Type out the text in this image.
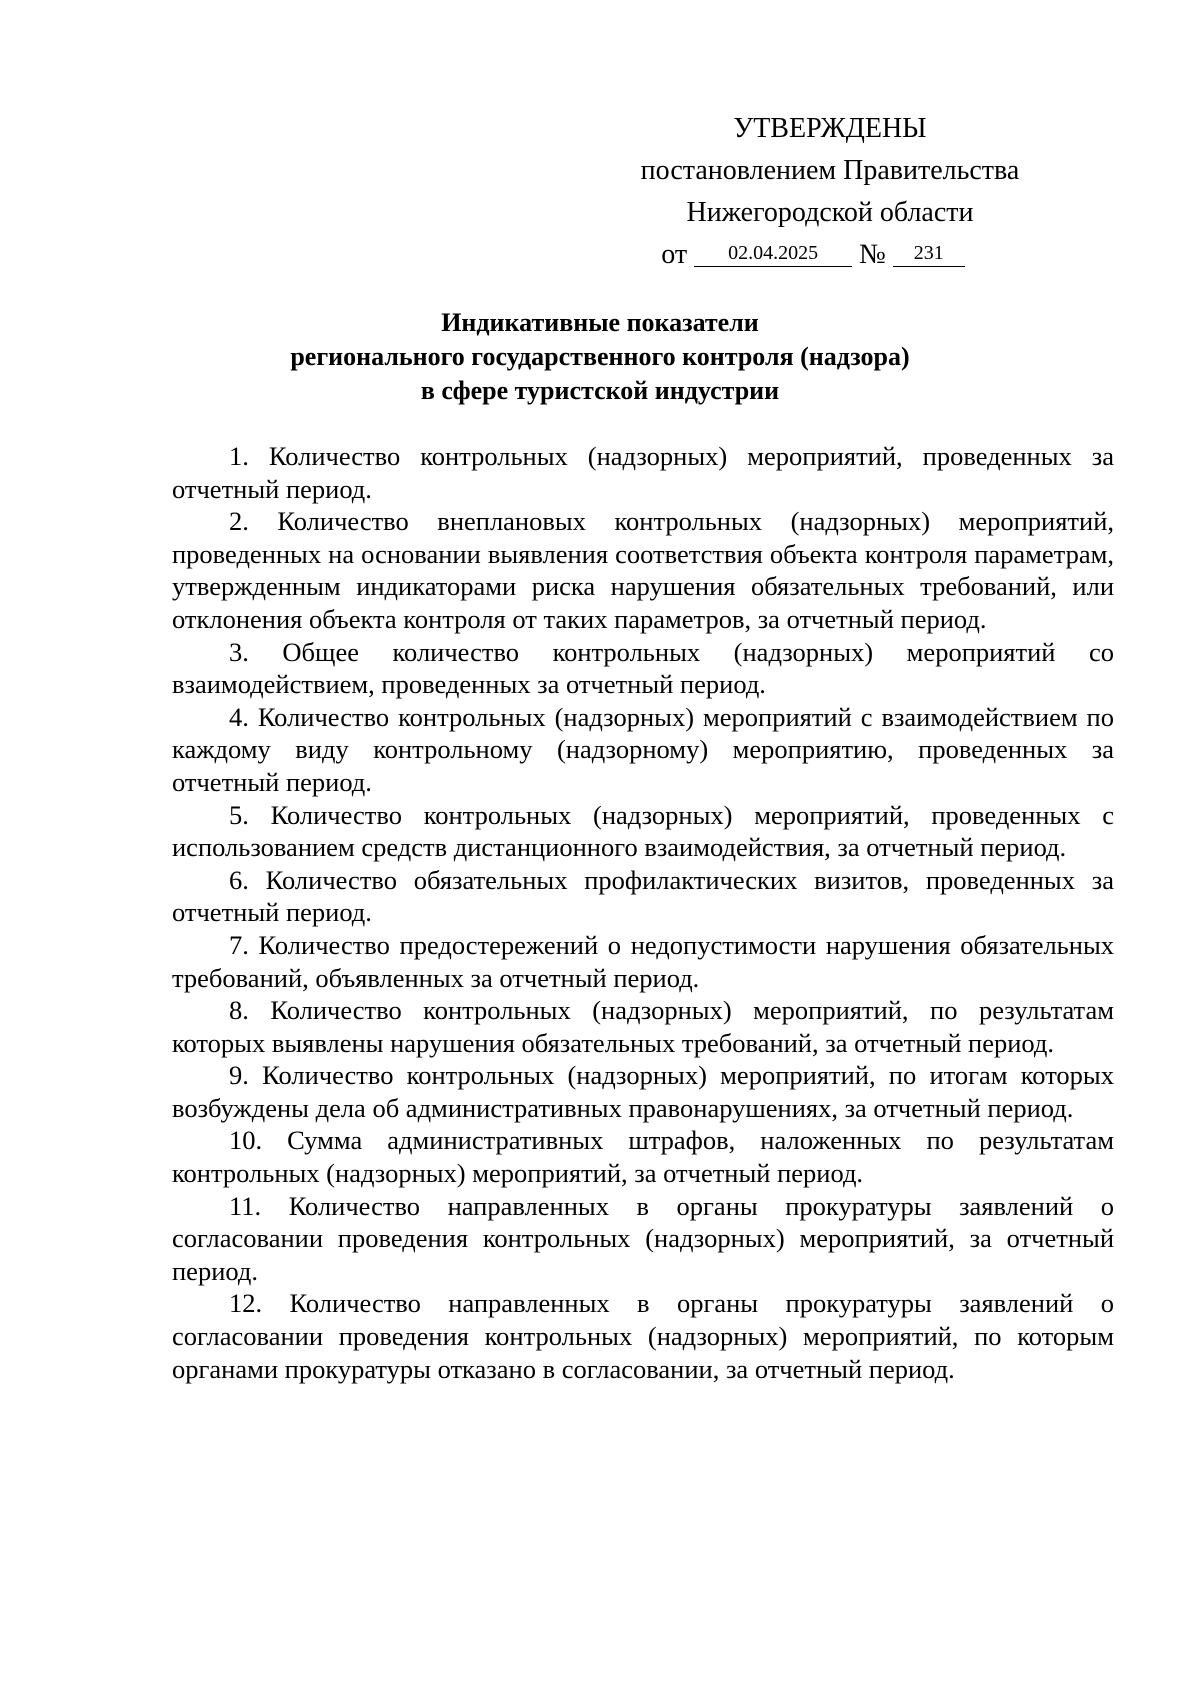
УТВЕРЖДЕНЫ
постановлением Правительства
Нижегородской области
от 02.04.2025 № 231
Индикативные показатели
регионального государственного контроля (надзора)
в сфере туристской индустрии

1. Количество контрольных (надзорных) мероприятий, проведенных за отчетный период.

2. Количество внеплановых контрольных (надзорных) мероприятий, проведенных на основании выявления соответствия объекта контроля параметрам, утвержденным индикаторами риска нарушения обязательных требований, или отклонения объекта контроля от таких параметров, за отчетный период.

3. Общее количество контрольных (надзорных) мероприятий со взаимодействием, проведенных за отчетный период.

4. Количество контрольных (надзорных) мероприятий с взаимодействием по каждому виду контрольному (надзорному) мероприятию, проведенных за отчетный период.

5. Количество контрольных (надзорных) мероприятий, проведенных с использованием средств дистанционного взаимодействия, за отчетный период.

6. Количество обязательных профилактических визитов, проведенных за отчетный период.

7. Количество предостережений о недопустимости нарушения обязательных требований, объявленных за отчетный период.

8. Количество контрольных (надзорных) мероприятий, по результатам которых выявлены нарушения обязательных требований, за отчетный период.

9. Количество контрольных (надзорных) мероприятий, по итогам которых возбуждены дела об административных правонарушениях, за отчетный период.

10. Сумма административных штрафов, наложенных по результатам контрольных (надзорных) мероприятий, за отчетный период.

11. Количество направленных в органы прокуратуры заявлений о согласовании проведения контрольных (надзорных) мероприятий, за отчетный период.

12. Количество направленных в органы прокуратуры заявлений о согласовании проведения контрольных (надзорных) мероприятий, по которым органами прокуратуры отказано в согласовании, за отчетный период.
